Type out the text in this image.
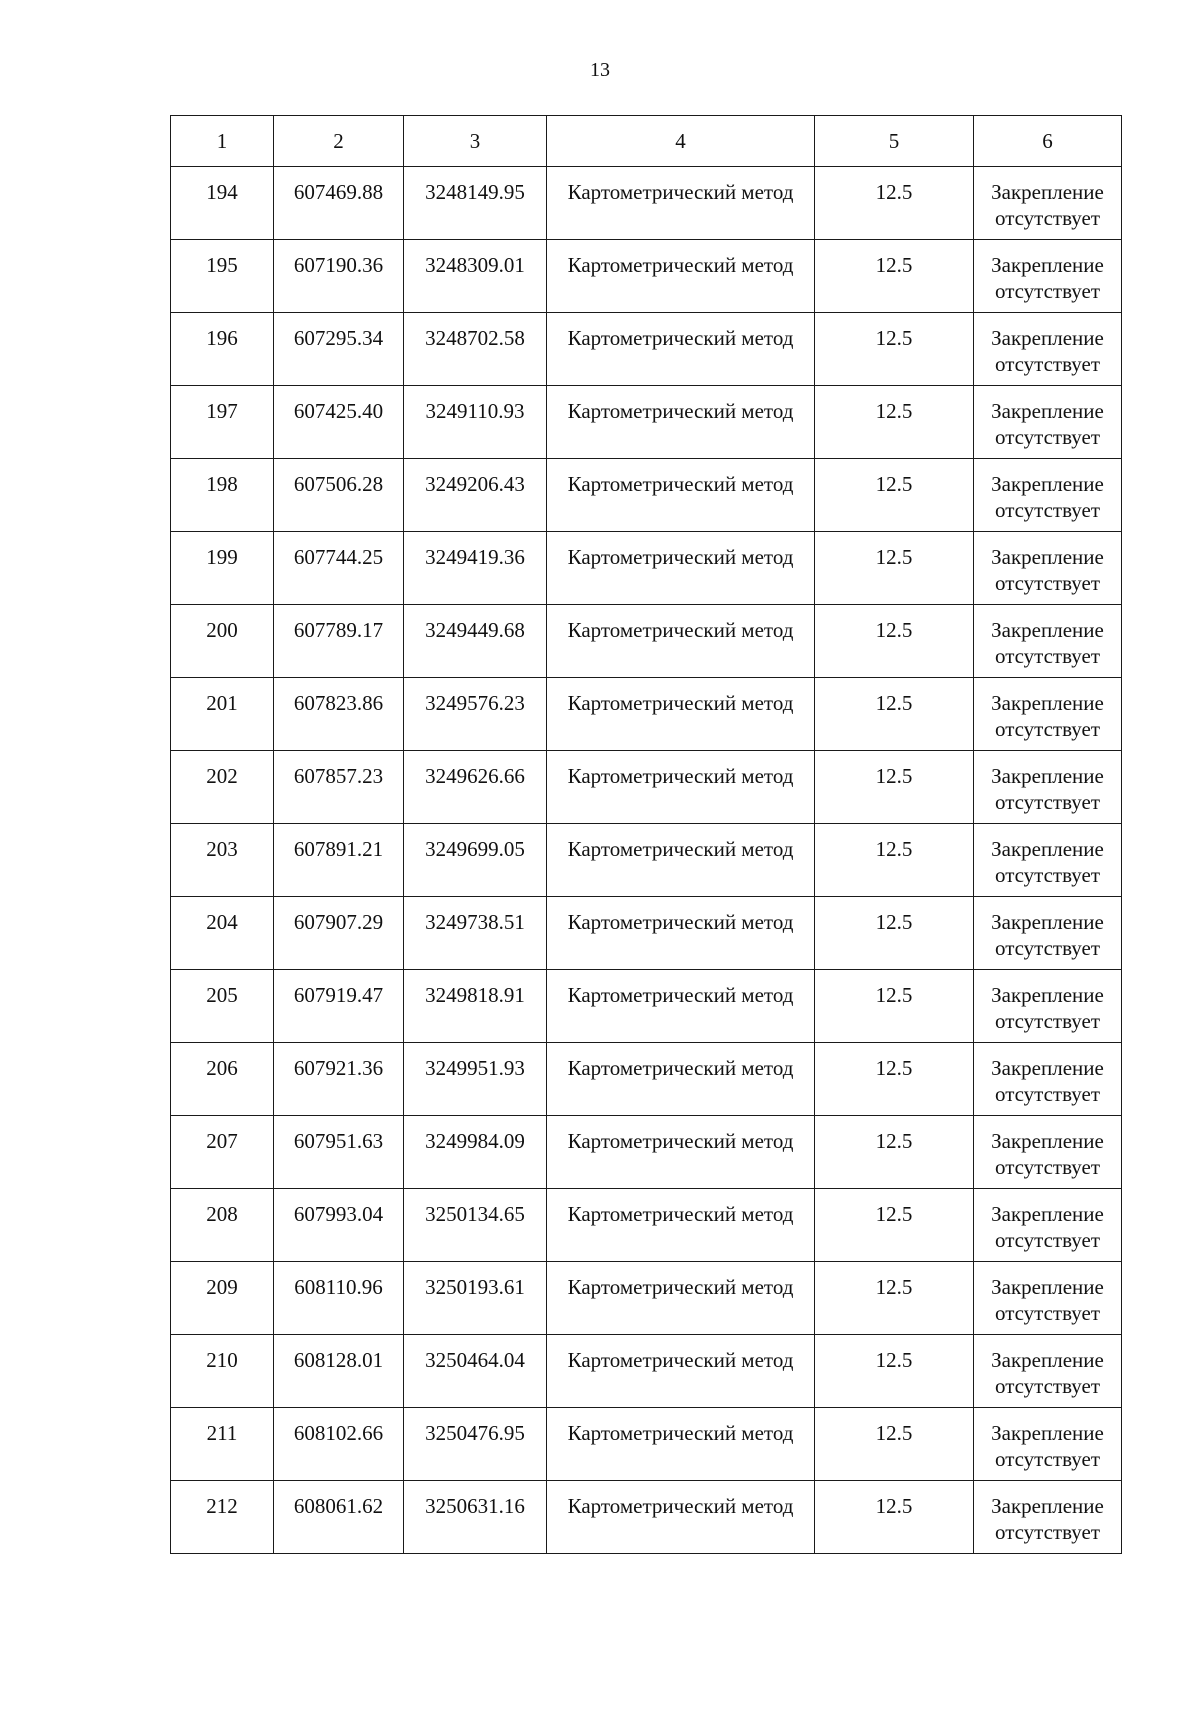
13
1	2	3	4	5	6
194	607469.88	3248149.95	Картометрический метод	12.5	Закрепление отсутствует
195	607190.36	3248309.01	Картометрический метод	12.5	Закрепление отсутствует
196	607295.34	3248702.58	Картометрический метод	12.5	Закрепление отсутствует
197	607425.40	3249110.93	Картометрический метод	12.5	Закрепление отсутствует
198	607506.28	3249206.43	Картометрический метод	12.5	Закрепление отсутствует
199	607744.25	3249419.36	Картометрический метод	12.5	Закрепление отсутствует
200	607789.17	3249449.68	Картометрический метод	12.5	Закрепление отсутствует
201	607823.86	3249576.23	Картометрический метод	12.5	Закрепление отсутствует
202	607857.23	3249626.66	Картометрический метод	12.5	Закрепление отсутствует
203	607891.21	3249699.05	Картометрический метод	12.5	Закрепление отсутствует
204	607907.29	3249738.51	Картометрический метод	12.5	Закрепление отсутствует
205	607919.47	3249818.91	Картометрический метод	12.5	Закрепление отсутствует
206	607921.36	3249951.93	Картометрический метод	12.5	Закрепление отсутствует
207	607951.63	3249984.09	Картометрический метод	12.5	Закрепление отсутствует
208	607993.04	3250134.65	Картометрический метод	12.5	Закрепление отсутствует
209	608110.96	3250193.61	Картометрический метод	12.5	Закрепление отсутствует
210	608128.01	3250464.04	Картометрический метод	12.5	Закрепление отсутствует
211	608102.66	3250476.95	Картометрический метод	12.5	Закрепление отсутствует
212	608061.62	3250631.16	Картометрический метод	12.5	Закрепление отсутствует
